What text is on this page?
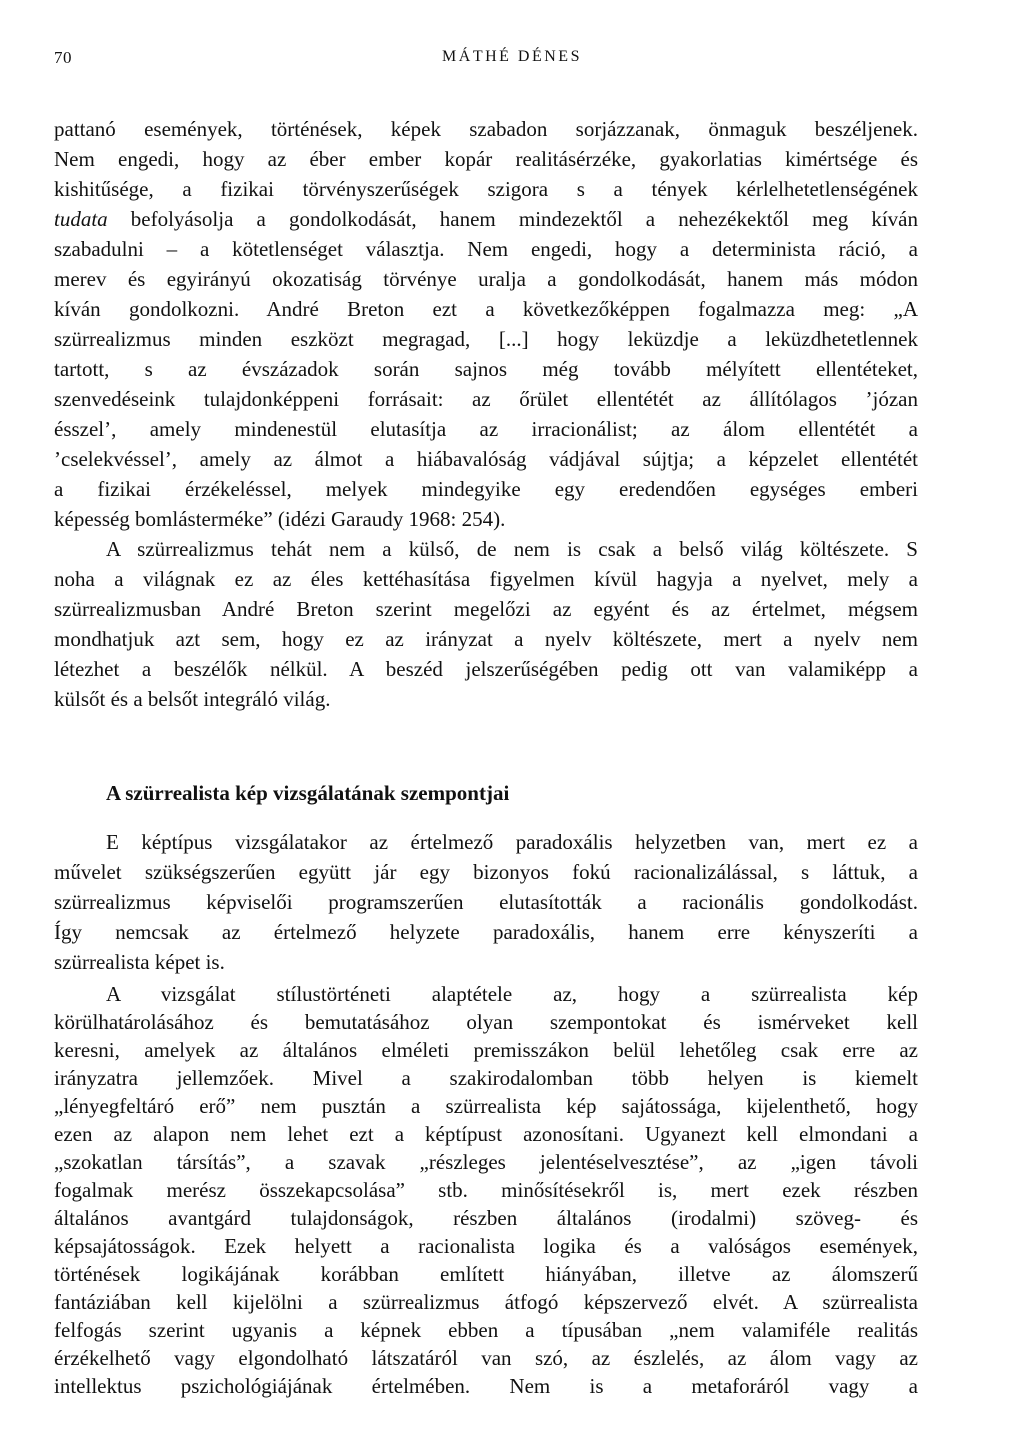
70	MÁTHÉ DÉNES
pattanó események, történések, képek szabadon sorjázzanak, önmaguk beszéljenek.
Nem engedi, hogy az éber ember kopár realitásérzéke, gyakorlatias kimértsége és
kishitűsége, a fizikai törvényszerűségek szigora s a tények kérlelhetetlenségének
tudata befolyásolja a gondolkodását, hanem mindezektől a nehezékektől meg kíván
szabadulni – a kötetlenséget választja. Nem engedi, hogy a determinista ráció, a
merev és egyirányú okozatiság törvénye uralja a gondolkodását, hanem más módon
kíván gondolkozni. André Breton ezt a következőképpen fogalmazza meg: „A
szürrealizmus minden eszközt megragad, [...] hogy leküzdje a leküzdhetetlennek
tartott, s az évszázadok során sajnos még tovább mélyített ellentéteket,
szenvedéseink tulajdonképpeni forrásait: az őrület ellentétét az állítólagos ’józan
ésszel’, amely mindenestül elutasítja az irracionálist; az álom ellentétét a
’cselekvéssel’, amely az álmot a hiábavalóság vádjával sújtja; a képzelet ellentétét
a fizikai érzékeléssel, melyek mindegyike egy eredendően egységes emberi
képesség bomlásterméke” (idézi Garaudy 1968: 254).
A szürrealizmus tehát nem a külső, de nem is csak a belső világ költészete. S
noha a világnak ez az éles kettéhasítása figyelmen kívül hagyja a nyelvet, mely a
szürrealizmusban André Breton szerint megelőzi az egyént és az értelmet, mégsem
mondhatjuk azt sem, hogy ez az irányzat a nyelv költészete, mert a nyelv nem
létezhet a beszélők nélkül. A beszéd jelszerűségében pedig ott van valamiképp a
külsőt és a belsőt integráló világ.
A szürrealista kép vizsgálatának szempontjai
E képtípus vizsgálatakor az értelmező paradoxális helyzetben van, mert ez a
művelet szükségszerűen együtt jár egy bizonyos fokú racionalizálással, s láttuk, a
szürrealizmus képviselői programszerűen elutasították a racionális gondolkodást.
Így nemcsak az értelmező helyzete paradoxális, hanem erre kényszeríti a
szürrealista képet is.
A vizsgálat stílustörténeti alaptétele az, hogy a szürrealista kép
körülhatárolásához és bemutatásához olyan szempontokat és ismérveket kell
keresni, amelyek az általános elméleti premisszákon belül lehetőleg csak erre az
irányzatra jellemzőek. Mivel a szakirodalomban több helyen is kiemelt
„lényegfeltáró erő” nem pusztán a szürrealista kép sajátossága, kijelenthető, hogy
ezen az alapon nem lehet ezt a képtípust azonosítani. Ugyanezt kell elmondani a
„szokatlan társítás”, a szavak „részleges jelentéselvesztése”, az „igen távoli
fogalmak merész összekapcsolása” stb. minősítésekről is, mert ezek részben
általános avantgárd tulajdonságok, részben általános (irodalmi) szöveg- és
képsajátosságok. Ezek helyett a racionalista logika és a valóságos események,
történések logikájának korábban említett hiányában, illetve az álomszerű
fantáziában kell kijelölni a szürrealizmus átfogó képszervező elvét. A szürrealista
felfogás szerint ugyanis a képnek ebben a típusában „nem valamiféle realitás
érzékelhető vagy elgondolható látszatáról van szó, az észlelés, az álom vagy az
intellektus pszichológiájának értelmében. Nem is a metaforáról vagy a
